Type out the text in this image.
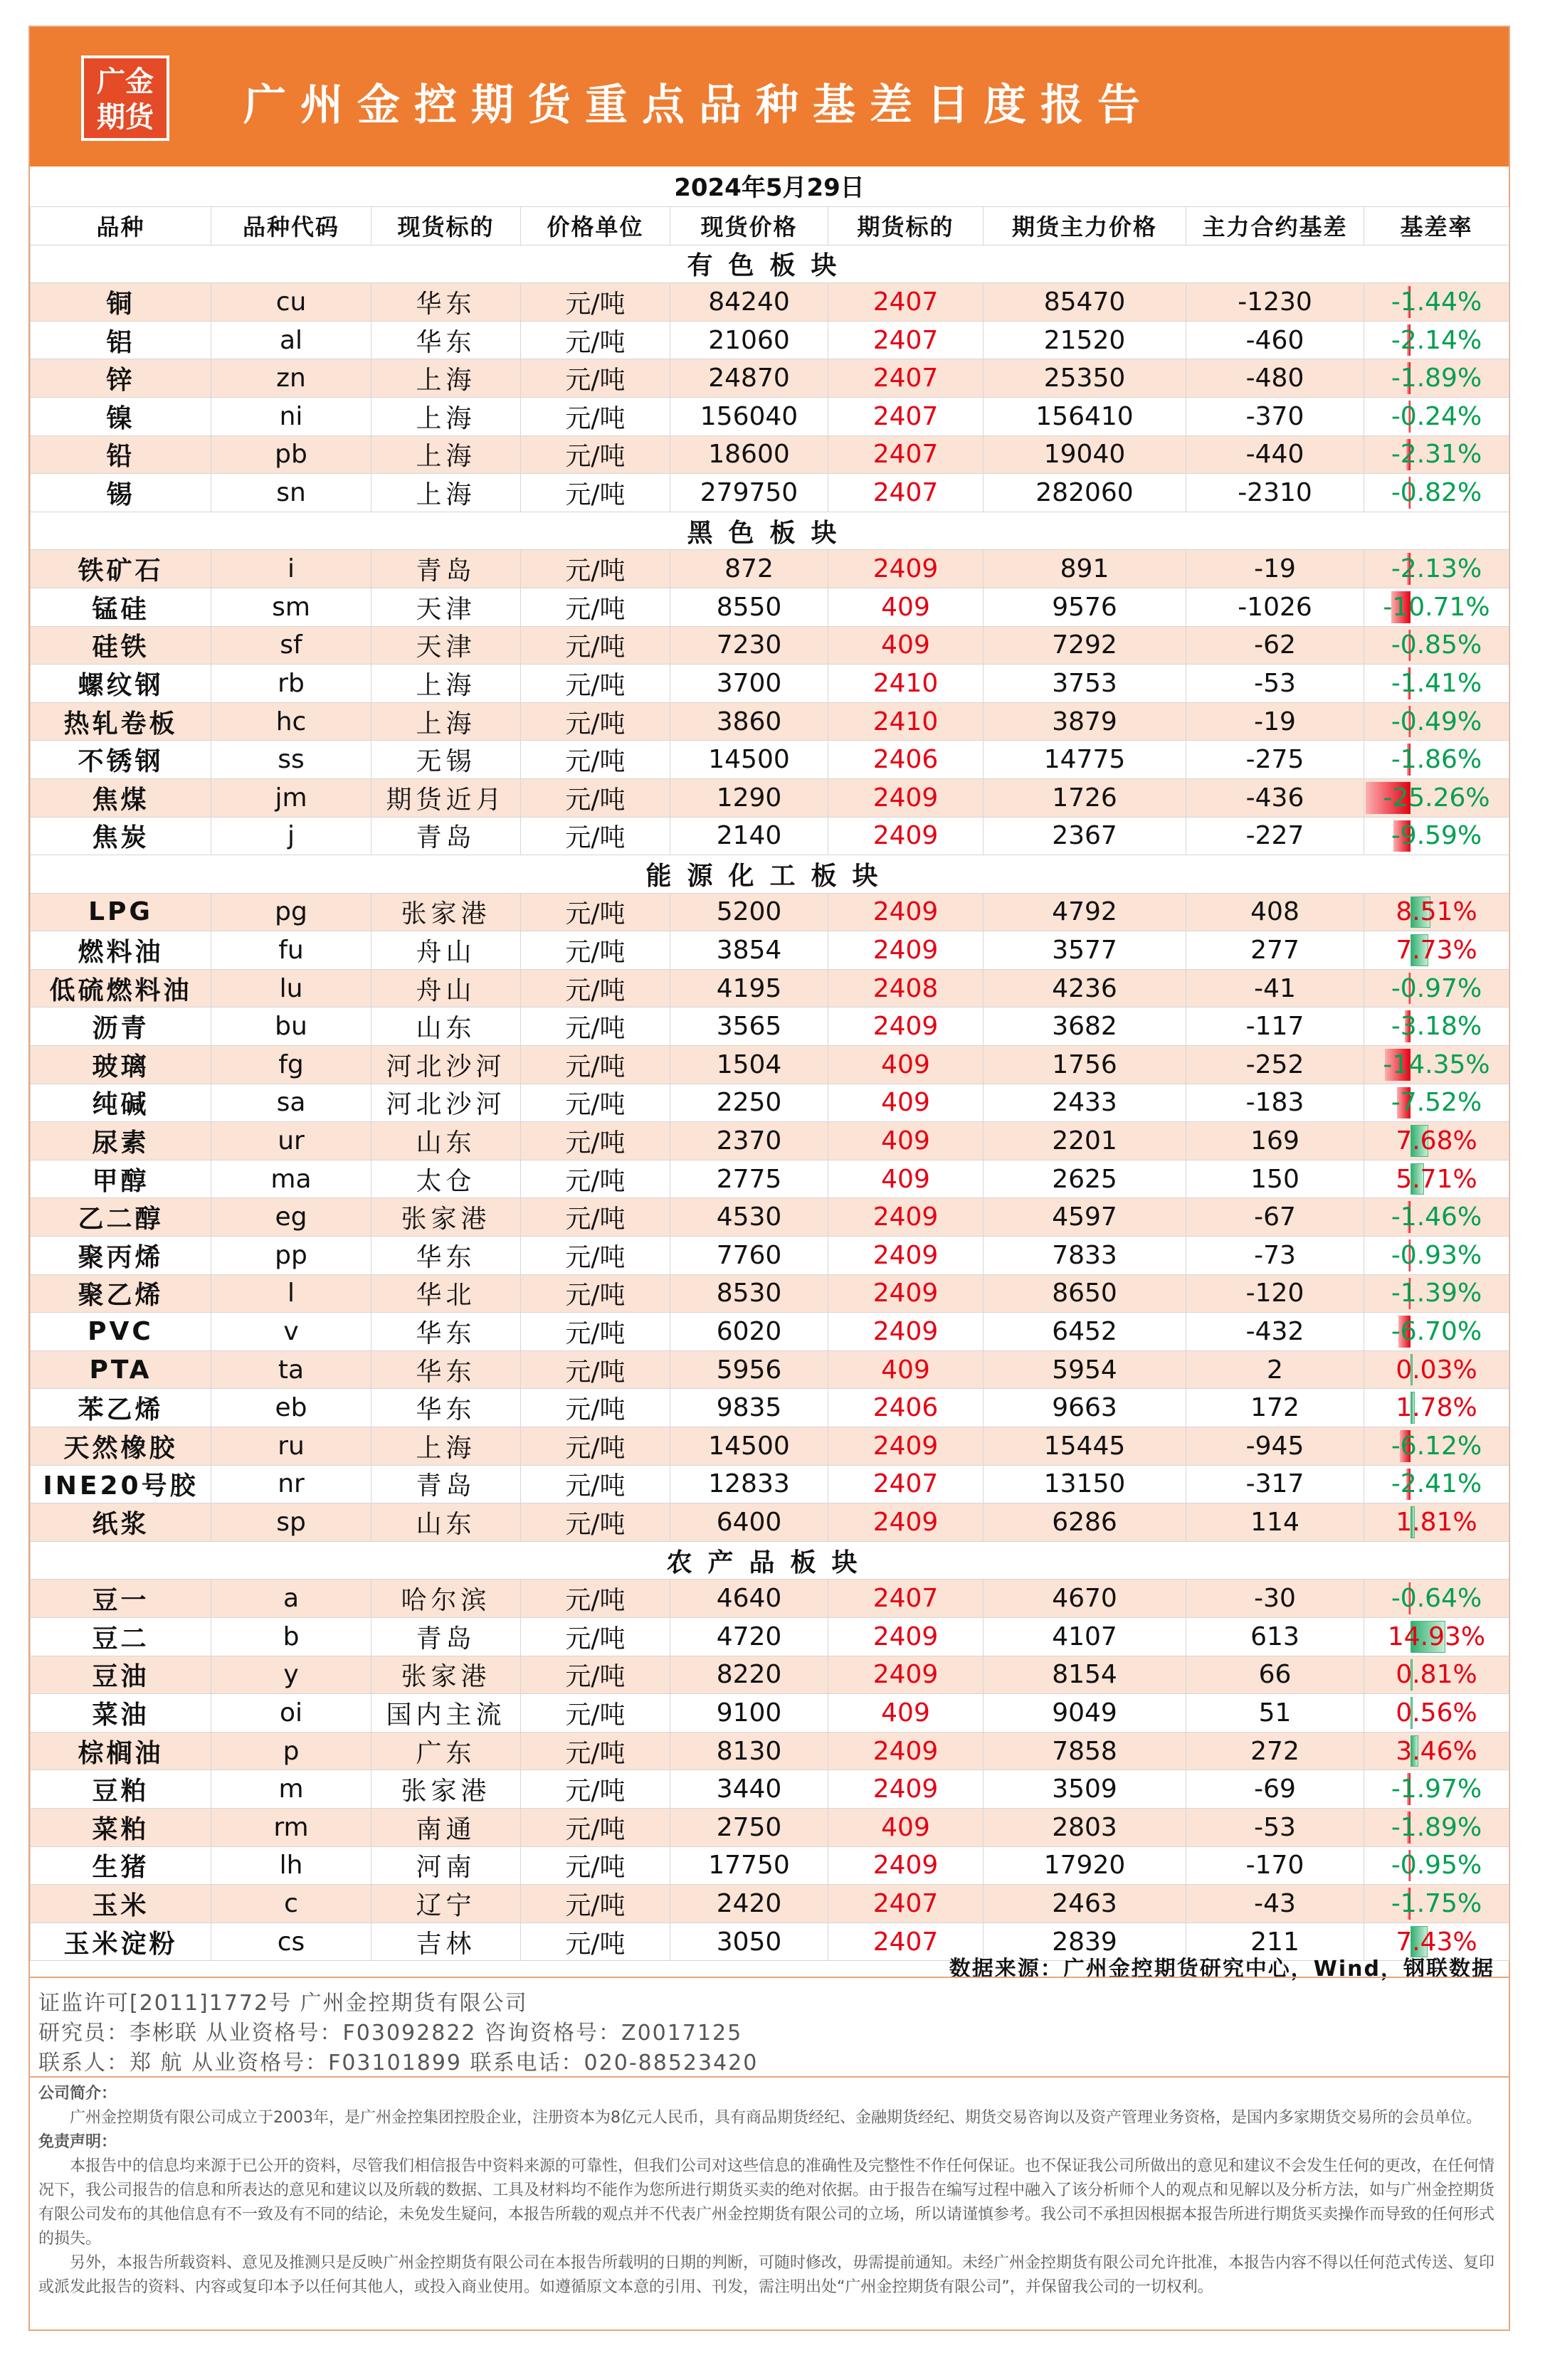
广金
期货	广州金控期货重点品种基差日度报告
2024年5月29日
品种	品种代码	现货标的	价格单位	现货价格	期货标的	期货主力价格	主力合约基差	基差率
有色板块								
铜	cu	华东	元/吨	84240	2407	85470	-1230	-1.44%
铝	al	华东	元/吨	21060	2407	21520	-460	-2.14%
锌	zn	上海	元/吨	24870	2407	25350	-480	-1.89%
镍	ni	上海	元/吨	156040	2407	156410	-370	-0.24%
铅	pb	上海	元/吨	18600	2407	19040	-440	-2.31%
锡	sn	上海	元/吨	279750	2407	282060	-2310	-0.82%
黑色板块								
铁矿石	i	青岛	元/吨	872	2409	891	-19	-2.13%
锰硅	sm	天津	元/吨	8550	409	9576	-1026	-10.71%
硅铁	sf	天津	元/吨	7230	409	7292	-62	-0.85%
螺纹钢	rb	上海	元/吨	3700	2410	3753	-53	-1.41%
热轧卷板	hc	上海	元/吨	3860	2410	3879	-19	-0.49%
不锈钢	ss	无锡	元/吨	14500	2406	14775	-275	-1.86%
焦煤	jm	期货近月	元/吨	1290	2409	1726	-436	-25.26%
焦炭	j	青岛	元/吨	2140	2409	2367	-227	-9.59%
能源化工板块								
LPG	pg	张家港	元/吨	5200	2409	4792	408	8.51%
燃料油	fu	舟山	元/吨	3854	2409	3577	277	7.73%
低硫燃料油	lu	舟山	元/吨	4195	2408	4236	-41	-0.97%
沥青	bu	山东	元/吨	3565	2409	3682	-117	-3.18%
玻璃	fg	河北沙河	元/吨	1504	409	1756	-252	-14.35%
纯碱	sa	河北沙河	元/吨	2250	409	2433	-183	-7.52%
尿素	ur	山东	元/吨	2370	409	2201	169	7.68%
甲醇	ma	太仓	元/吨	2775	409	2625	150	5.71%
乙二醇	eg	张家港	元/吨	4530	2409	4597	-67	-1.46%
聚丙烯	pp	华东	元/吨	7760	2409	7833	-73	-0.93%
聚乙烯	l	华北	元/吨	8530	2409	8650	-120	-1.39%
PVC	v	华东	元/吨	6020	2409	6452	-432	-6.70%
PTA	ta	华东	元/吨	5956	409	5954	2	0.03%
苯乙烯	eb	华东	元/吨	9835	2406	9663	172	1.78%
天然橡胶	ru	上海	元/吨	14500	2409	15445	-945	-6.12%
INE20号胶	nr	青岛	元/吨	12833	2407	13150	-317	-2.41%
纸浆	sp	山东	元/吨	6400	2409	6286	114	1.81%
农产品板块								
豆一	a	哈尔滨	元/吨	4640	2407	4670	-30	-0.64%
豆二	b	青岛	元/吨	4720	2409	4107	613	14.93%
豆油	y	张家港	元/吨	8220	2409	8154	66	0.81%
菜油	oi	国内主流	元/吨	9100	409	9049	51	0.56%
棕榈油	p	广东	元/吨	8130	2409	7858	272	3.46%
豆粕	m	张家港	元/吨	3440	2409	3509	-69	-1.97%
菜粕	rm	南通	元/吨	2750	409	2803	-53	-1.89%
生猪	lh	河南	元/吨	17750	2409	17920	-170	-0.95%
玉米	c	辽宁	元/吨	2420	2407	2463	-43	-1.75%
玉米淀粉	cs	吉林	元/吨	3050	2407	2839	211	7.43%
数据来源：广州金控期货研究中心，Wind，钢联数据
证监许可[2011]1772号 广州金控期货有限公司
研究员：李彬联 从业资格号：F03092822 咨询资格号：Z0017125
联系人：郑 航 从业资格号：F03101899 联系电话：020-88523420
公司简介：
广州金控期货有限公司成立于2003年，是广州金控集团控股企业，注册资本为8亿元人民币，具有商品期货经纪、金融期货经纪、期货交易咨询以及资产管理业务资格，是国内多家期货交易所的会员单位。
免责声明：
本报告中的信息均来源于已公开的资料，尽管我们相信报告中资料来源的可靠性，但我们公司对这些信息的准确性及完整性不作任何保证。也不保证我公司所做出的意见和建议不会发生任何的更改，在任何情况下，我公司报告的信息和所表达的意见和建议以及所载的数据、工具及材料均不能作为您所进行期货买卖的绝对依据。由于报告在编写过程中融入了该分析师个人的观点和见解以及分析方法，如与广州金控期货有限公司发布的其他信息有不一致及有不同的结论，未免发生疑问，本报告所载的观点并不代表广州金控期货有限公司的立场，所以请谨慎参考。我公司不承担因根据本报告所进行期货买卖操作而导致的任何形式的损失。
另外，本报告所载资料、意见及推测只是反映广州金控期货有限公司在本报告所载明的日期的判断，可随时修改，毋需提前通知。未经广州金控期货有限公司允许批准，本报告内容不得以任何范式传送、复印或派发此报告的资料、内容或复印本予以任何其他人，或投入商业使用。如遵循原文本意的引用、刊发，需注明出处“广州金控期货有限公司”，并保留我公司的一切权利。
